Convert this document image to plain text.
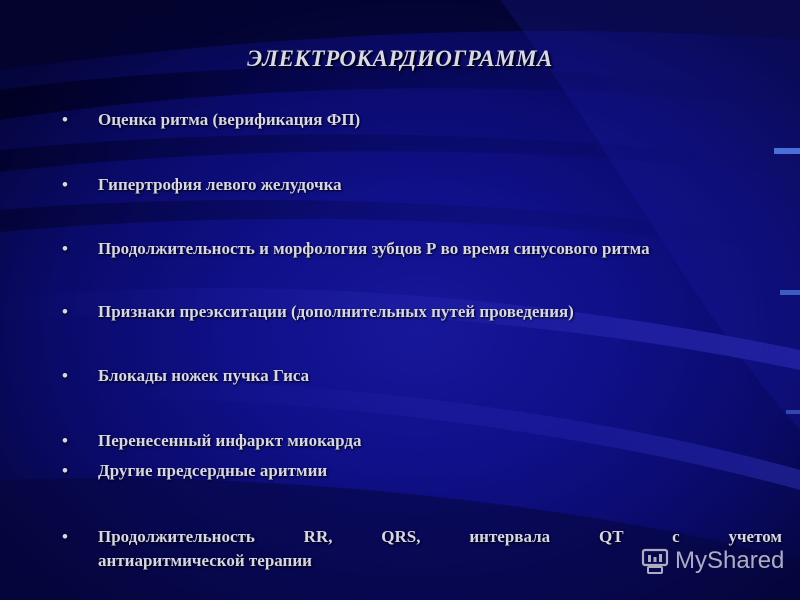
ЭЛЕКТРОКАРДИОГРАММА
•	Оценка ритма (верификация ФП)
•	Гипертрофия левого желудочка
•	Продолжительность и морфология зубцов Р во время синусового ритма
•	Признаки преэкситации (дополнительных путей проведения)
•	Блокады ножек пучка Гиса
•	Перенесенный инфаркт миокарда
•	Другие предсердные аритмии
•	Продолжительность RR, QRS, интервала QT с учетом
антиаритмической терапии	MyShared
